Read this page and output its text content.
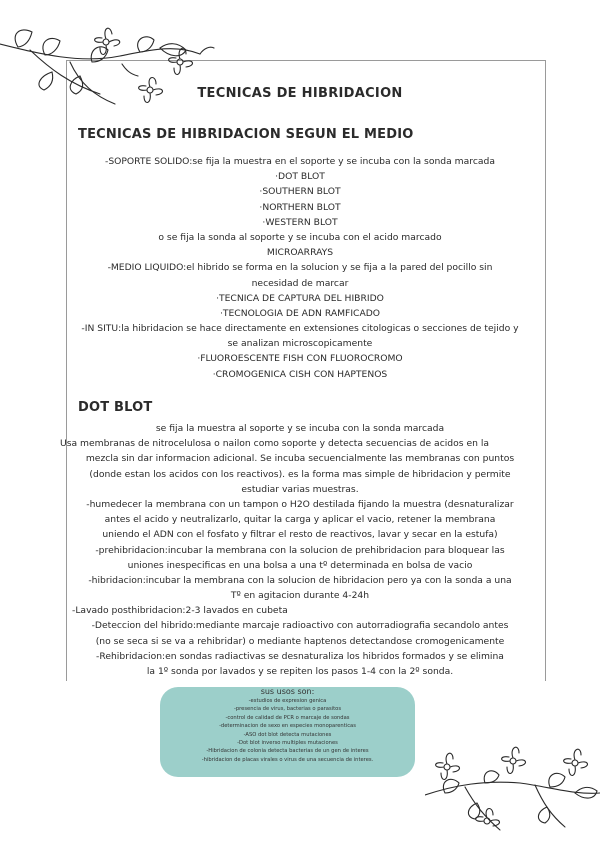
TECNICAS DE HIBRIDACION
TECNICAS DE HIBRIDACION SEGUN EL MEDIO
-SOPORTE SOLIDO:se fija la muestra en el soporte y se incuba con la sonda marcada
·DOT BLOT
·SOUTHERN BLOT
·NORTHERN BLOT
·WESTERN BLOT
o se fija la sonda al soporte y se incuba con el acido marcado
MICROARRAYS
-MEDIO LIQUIDO:el hibrido se forma en la solucion y se fija a la pared del pocillo sin
necesidad de marcar
·TECNICA DE CAPTURA DEL HIBRIDO
·TECNOLOGIA DE ADN RAMFICADO
-IN SITU:la hibridacion se hace directamente en extensiones citologicas o secciones de tejido y
se analizan microscopicamente
·FLUOROESCENTE FISH CON FLUOROCROMO
·CROMOGENICA CISH CON HAPTENOS
DOT BLOT
se fija la muestra al soporte y se incuba con la sonda marcada
Usa membranas de nitrocelulosa o nailon como soporte y detecta secuencias de acidos en la
mezcla sin dar informacion adicional. Se incuba secuencialmente las membranas con puntos
(donde estan los acidos con los reactivos). es la forma mas simple de hibridacion y permite
estudiar varias muestras.
-humedecer la membrana con un tampon o H2O destilada fijando la muestra (desnaturalizar
antes el acido y neutralizarlo, quitar la carga y aplicar el vacio, retener la membrana
uniendo el ADN con el fosfato y filtrar el resto de reactivos, lavar y secar en la estufa)
-prehibridacion:incubar la membrana con la solucion de prehibridacion para bloquear las
uniones inespecificas en una bolsa a una tº determinada en bolsa de vacio
-hibridacion:incubar la membrana con la solucion de hibridacion pero ya con la sonda a una
Tº en agitacion durante 4-24h
-Lavado posthibridacion:2-3 lavados en cubeta
-Deteccion del hibrido:mediante marcaje radioactivo con autorradiografia secandolo antes
(no se seca si se va a rehibridar) o mediante haptenos detectandose cromogenicamente
-Rehibridacion:en sondas radiactivas se desnaturaliza los hibridos formados y se elimina
la 1º sonda por lavados y se repiten los pasos 1-4 con la 2º sonda.
sus usos son:
-estudios de expresion genica
-presencia de virus, bacterias o parasitos
-control de calidad de PCR o marcaje de sondas
-determinacion de sexo en especies monoparenticas
-ASO dot blot detecta mutaciones
-Dot blot inverso multiples mutaciones
-Hibridacion de colonia detecta bacterias de un gen de interes
-hibridacion de placas virales o virus de una secuencia de interes.
